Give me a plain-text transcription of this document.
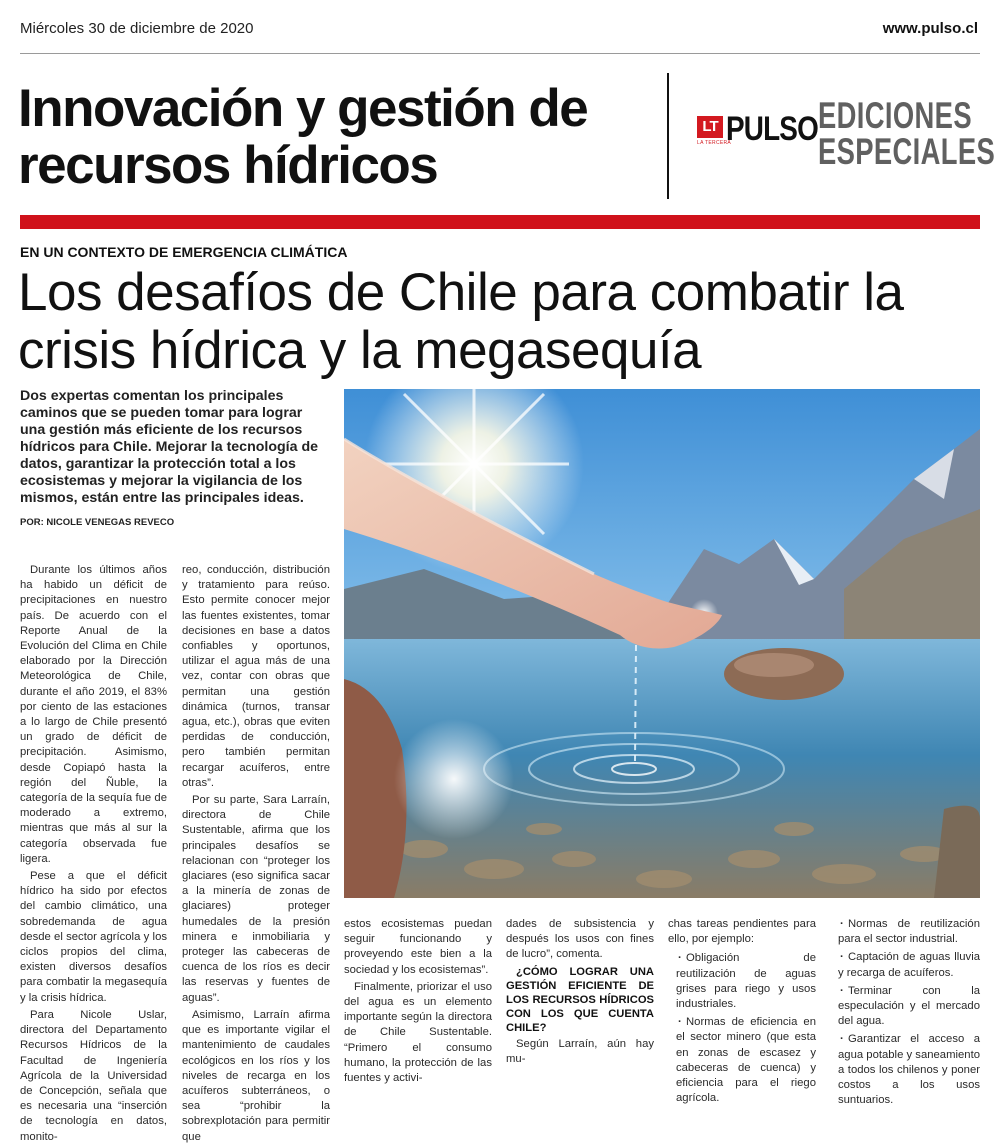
Miércoles 30 de diciembre de 2020	www.pulso.cl
Innovación y gestión de recursos hídricos
LT
LA TERCERA
PULSO EDICIONES
ESPECIALES
EN UN CONTEXTO DE EMERGENCIA CLIMÁTICA
Los desafíos de Chile para combatir la crisis hídrica y la megasequía
Dos expertas comentan los principales caminos que se pueden tomar para lograr una gestión más eficiente de los recursos hídricos para Chile. Mejorar la tecnología de datos, garantizar la protección total a los ecosistemas y mejorar la vigilancia de los mismos, están entre las principales ideas.
POR: NICOLE VENEGAS REVECO

Durante los últimos años ha habido un déficit de precipitaciones en nuestro país. De acuerdo con el Reporte Anual de la Evolución del Clima en Chile elaborado por la Dirección Meteorológica de Chile, durante el año 2019, el 83% por ciento de las estaciones a lo largo de Chile presentó un grado de déficit de precipitación. Asimismo, desde Copiapó hasta la región del Ñuble, la categoría de la sequía fue de moderado a extremo, mientras que más al sur la categoría observada fue ligera.

Pese a que el déficit hídrico ha sido por efectos del cambio climático, una sobredemanda de agua desde el sector agrícola y los ciclos propios del clima, existen diversos desafíos para combatir la megasequía y la crisis hídrica.

Para Nicole Uslar, directora del Departamento Recursos Hídricos de la Facultad de Ingeniería Agrícola de la Universidad de Concepción, señala que es necesaria una “inserción de tecnología en datos, monito-

reo, conducción, distribución y tratamiento para reúso. Esto permite conocer mejor las fuentes existentes, tomar decisiones en base a datos confiables y oportunos, utilizar el agua más de una vez, contar con obras que permitan una gestión dinámica (turnos, transar agua, etc.), obras que eviten perdidas de conducción, pero también permitan recargar acuíferos, entre otras”.

Por su parte, Sara Larraín, directora de Chile Sustentable, afirma que los principales desafíos se relacionan con “proteger los glaciares (eso significa sacar a la minería de zonas de glaciares) proteger humedales de la presión minera e inmobiliaria y proteger las cabeceras de cuenca de los ríos es decir las reservas y fuentes de aguas”.

Asimismo, Larraín afirma que es importante vigilar el mantenimiento de caudales ecológicos en los ríos y los niveles de recarga en los acuíferos subterráneos, o sea “prohibir la sobrexplotación para permitir que

estos ecosistemas puedan seguir funcionando y proveyendo este bien a la sociedad y los ecosistemas”.

Finalmente, priorizar el uso del agua es un elemento importante según la directora de Chile Sustentable. “Primero el consumo humano, la protección de las fuentes y activi-

dades de subsistencia y después los usos con fines de lucro”, comenta.

¿CÓMO LOGRAR UNA GESTIÓN EFICIENTE DE LOS RECURSOS HÍDRICOS CON LOS QUE CUENTA CHILE?

Según Larraín, aún hay mu-

chas tareas pendientes para ello, por ejemplo:

· Obligación de reutilización de aguas grises para riego y usos industriales.

· Normas de eficiencia en el sector minero (que esta en zonas de escasez y cabeceras de cuenca) y eficiencia para el riego agrícola.

· Normas de reutilización para el sector industrial.

· Captación de aguas lluvia y recarga de acuíferos.

· Terminar con la especulación y el mercado del agua.

· Garantizar el acceso a agua potable y saneamiento a todos los chilenos y poner costos a los usos suntuarios.
